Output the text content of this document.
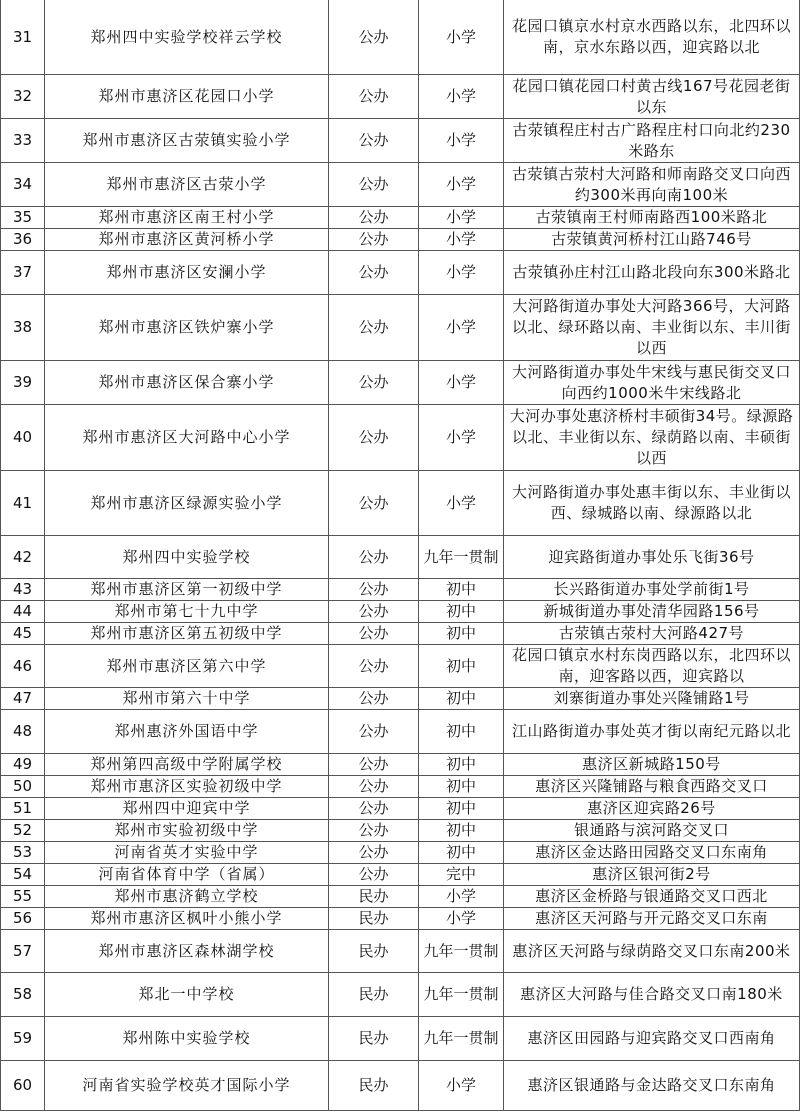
31	郑州四中实验学校祥云学校	公办	小学	花园口镇京水村京水西路以东，北四环以南，京水东路以西，迎宾路以北
32	郑州市惠济区花园口小学	公办	小学	花园口镇花园口村黄古线167号花园老街以东
33	郑州市惠济区古荥镇实验小学	公办	小学	古荥镇程庄村古广路程庄村口向北约230米路东
34	郑州市惠济区古荥小学	公办	小学	古荥镇古荥村大河路和师南路交叉口向西约300米再向南100米
35	郑州市惠济区南王村小学	公办	小学	古荥镇南王村师南路西100米路北
36	郑州市惠济区黄河桥小学	公办	小学	古荥镇黄河桥村江山路746号
37	郑州市惠济区安澜小学	公办	小学	古荥镇孙庄村江山路北段向东300米路北
38	郑州市惠济区铁炉寨小学	公办	小学	大河路街道办事处大河路366号，大河路以北、绿环路以南、丰业街以东、丰川街以西
39	郑州市惠济区保合寨小学	公办	小学	大河路街道办事处牛宋线与惠民街交叉口向西约1000米牛宋线路北
40	郑州市惠济区大河路中心小学	公办	小学	大河办事处惠济桥村丰硕街34号。绿源路以北、丰业街以东、绿荫路以南、丰硕街以西
41	郑州市惠济区绿源实验小学	公办	小学	大河路街道办事处惠丰街以东、丰业街以西、绿城路以南、绿源路以北
42	郑州四中实验学校	公办	九年一贯制	迎宾路街道办事处乐飞街36号
43	郑州市惠济区第一初级中学	公办	初中	长兴路街道办事处学前街1号
44	郑州市第七十九中学	公办	初中	新城街道办事处清华园路156号
45	郑州市惠济区第五初级中学	公办	初中	古荥镇古荥村大河路427号
46	郑州市惠济区第六中学	公办	初中	花园口镇京水村东岗西路以东，北四环以南，迎客路以西，迎宾路以
47	郑州市第六十中学	公办	初中	刘寨街道办事处兴隆铺路1号
48	郑州惠济外国语中学	公办	初中	江山路街道办事处英才街以南纪元路以北
49	郑州第四高级中学附属学校	公办	初中	惠济区新城路150号
50	郑州市惠济区实验初级中学	公办	初中	惠济区兴隆铺路与粮食西路交叉口
51	郑州四中迎宾中学	公办	初中	惠济区迎宾路26号
52	郑州市实验初级中学	公办	初中	银通路与滨河路交叉口
53	河南省英才实验中学	公办	初中	惠济区金达路田园路交叉口东南角
54	河南省体育中学（省属）	公办	完中	惠济区银河街2号
55	郑州市惠济鹤立学校	民办	小学	惠济区金桥路与银通路交叉口西北
56	郑州市惠济区枫叶小熊小学	民办	小学	惠济区天河路与开元路交叉口东南
57	郑州市惠济区森林湖学校	民办	九年一贯制	惠济区天河路与绿荫路交叉口东南200米
58	郑北一中学校	民办	九年一贯制	惠济区大河路与佳合路交叉口南180米
59	郑州陈中实验学校	民办	九年一贯制	惠济区田园路与迎宾路交叉口西南角
60	河南省实验学校英才国际小学	民办	小学	惠济区银通路与金达路交叉口东南角
